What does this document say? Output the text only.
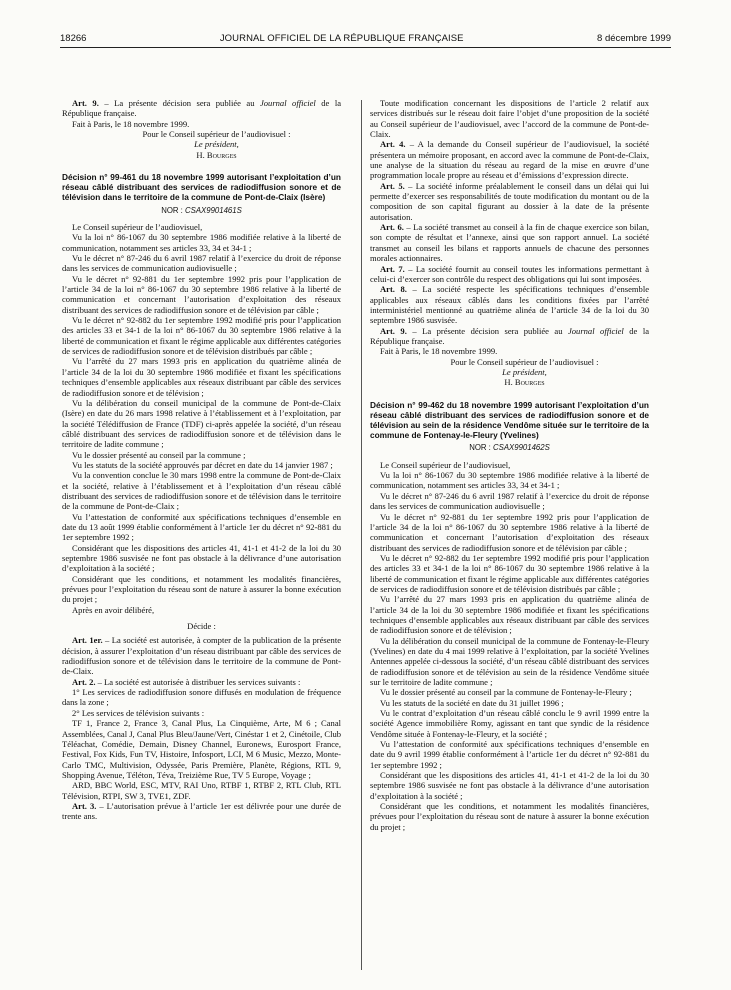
18266	JOURNAL OFFICIEL DE LA RÉPUBLIQUE FRANÇAISE	8 décembre 1999

Art. 9. – La présente décision sera publiée au Journal officiel de la République française.

Fait à Paris, le 18 novembre 1999.

Pour le Conseil supérieur de l’audiovisuel :

Le président,

H. Bourges

Décision n° 99-461 du 18 novembre 1999 autorisant l’exploitation d’un réseau câblé distribuant des services de radiodiffusion sonore et de télévision dans le territoire de la commune de Pont-de-Claix (Isère)

NOR : CSAX9901461S

Le Conseil supérieur de l’audiovisuel,

Vu la loi n° 86-1067 du 30 septembre 1986 modifiée relative à la liberté de communication, notamment ses articles 33, 34 et 34-1 ;

Vu le décret n° 87-246 du 6 avril 1987 relatif à l’exercice du droit de réponse dans les services de communication audiovisuelle ;

Vu le décret n° 92-881 du 1er septembre 1992 pris pour l’application de l’article 34 de la loi n° 86-1067 du 30 septembre 1986 relative à la liberté de communication et concernant l’autorisation d’exploitation des réseaux distribuant des services de radiodiffusion sonore et de télévision par câble ;

Vu le décret n° 92-882 du 1er septembre 1992 modifié pris pour l’application des articles 33 et 34-1 de la loi n° 86-1067 du 30 septembre 1986 relative à la liberté de communication et fixant le régime applicable aux différentes catégories de services de radiodiffusion sonore et de télévision distribués par câble ;

Vu l’arrêté du 27 mars 1993 pris en application du quatrième alinéa de l’article 34 de la loi du 30 septembre 1986 modifiée et fixant les spécifications techniques d’ensemble applicables aux réseaux distribuant par câble des services de radiodiffusion sonore et de télévision ;

Vu la délibération du conseil municipal de la commune de Pont-de-Claix (Isère) en date du 26 mars 1998 relative à l’établissement et à l’exploitation, par la société Télédiffusion de France (TDF) ci-après appelée la société, d’un réseau câblé distribuant des services de radiodiffusion sonore et de télévision dans le territoire de ladite commune ;

Vu le dossier présenté au conseil par la commune ;

Vu les statuts de la société approuvés par décret en date du 14 janvier 1987 ;

Vu la convention conclue le 30 mars 1998 entre la commune de Pont-de-Claix et la société, relative à l’établissement et à l’exploitation d’un réseau câblé distribuant des services de radiodiffusion sonore et de télévision dans le territoire de la commune de Pont-de-Claix ;

Vu l’attestation de conformité aux spécifications techniques d’ensemble en date du 13 août 1999 établie conformément à l’article 1er du décret n° 92-881 du 1er septembre 1992 ;

Considérant que les dispositions des articles 41, 41-1 et 41-2 de la loi du 30 septembre 1986 susvisée ne font pas obstacle à la délivrance d’une autorisation d’exploitation à la société ;

Considérant que les conditions, et notamment les modalités financières, prévues pour l’exploitation du réseau sont de nature à assurer la bonne exécution du projet ;

Après en avoir délibéré,

Décide :

Art. 1er. – La société est autorisée, à compter de la publication de la présente décision, à assurer l’exploitation d’un réseau distribuant par câble des services de radiodiffusion sonore et de télévision dans le territoire de la commune de Pont-de-Claix.

Art. 2. – La société est autorisée à distribuer les services suivants :

1° Les services de radiodiffusion sonore diffusés en modulation de fréquence dans la zone ;

2° Les services de télévision suivants :

TF 1, France 2, France 3, Canal Plus, La Cinquième, Arte, M 6 ; Canal Assemblées, Canal J, Canal Plus Bleu/Jaune/Vert, Cinéstar 1 et 2, Cinétoile, Club Téléachat, Comédie, Demain, Disney Channel, Euronews, Eurosport France, Festival, Fox Kids, Fun TV, Histoire, Infosport, LCI, M 6 Music, Mezzo, Monte-Carlo TMC, Multivision, Odyssée, Paris Première, Planète, Régions, RTL 9, Shopping Avenue, Téléton, Téva, Treizième Rue, TV 5 Europe, Voyage ;

ARD, BBC World, ESC, MTV, RAI Uno, RTBF 1, RTBF 2, RTL Club, RTL Télévision, RTPI, SW 3, TVE1, ZDF.

Art. 3. – L’autorisation prévue à l’article 1er est délivrée pour une durée de trente ans.

Toute modification concernant les dispositions de l’article 2 relatif aux services distribués sur le réseau doit faire l’objet d’une proposition de la société au Conseil supérieur de l’audiovisuel, avec l’accord de la commune de Pont-de-Claix.

Art. 4. – A la demande du Conseil supérieur de l’audiovisuel, la société présentera un mémoire proposant, en accord avec la commune de Pont-de-Claix, une analyse de la situation du réseau au regard de la mise en œuvre d’une programmation locale propre au réseau et d’émissions d’expression directe.

Art. 5. – La société informe préalablement le conseil dans un délai qui lui permette d’exercer ses responsabilités de toute modification du montant ou de la composition de son capital figurant au dossier à la date de la présente autorisation.

Art. 6. – La société transmet au conseil à la fin de chaque exercice son bilan, son compte de résultat et l’annexe, ainsi que son rapport annuel. La société transmet au conseil les bilans et rapports annuels de chacune des personnes morales actionnaires.

Art. 7. – La société fournit au conseil toutes les informations permettant à celui-ci d’exercer son contrôle du respect des obligations qui lui sont imposées.

Art. 8. – La société respecte les spécifications techniques d’ensemble applicables aux réseaux câblés dans les conditions fixées par l’arrêté interministériel mentionné au quatrième alinéa de l’article 34 de la loi du 30 septembre 1986 susvisée.

Art. 9. – La présente décision sera publiée au Journal officiel de la République française.

Fait à Paris, le 18 novembre 1999.

Pour le Conseil supérieur de l’audiovisuel :

Le président,

H. Bourges

Décision n° 99-462 du 18 novembre 1999 autorisant l’exploitation d’un réseau câblé distribuant des services de radiodiffusion sonore et de télévision au sein de la résidence Vendôme située sur le territoire de la commune de Fontenay-le-Fleury (Yvelines)

NOR : CSAX9901462S

Le Conseil supérieur de l’audiovisuel,

Vu la loi n° 86-1067 du 30 septembre 1986 modifiée relative à la liberté de communication, notamment ses articles 33, 34 et 34-1 ;

Vu le décret n° 87-246 du 6 avril 1987 relatif à l’exercice du droit de réponse dans les services de communication audiovisuelle ;

Vu le décret n° 92-881 du 1er septembre 1992 pris pour l’application de l’article 34 de la loi n° 86-1067 du 30 septembre 1986 relative à la liberté de communication et concernant l’autorisation d’exploitation des réseaux distribuant des services de radiodiffusion sonore et de télévision par câble ;

Vu le décret n° 92-882 du 1er septembre 1992 modifié pris pour l’application des articles 33 et 34-1 de la loi n° 86-1067 du 30 septembre 1986 relative à la liberté de communication et fixant le régime applicable aux différentes catégories de services de radiodiffusion sonore et de télévision distribués par câble ;

Vu l’arrêté du 27 mars 1993 pris en application du quatrième alinéa de l’article 34 de la loi du 30 septembre 1986 modifiée et fixant les spécifications techniques d’ensemble applicables aux réseaux distribuant par câble des services de radiodiffusion sonore et de télévision ;

Vu la délibération du conseil municipal de la commune de Fontenay-le-Fleury (Yvelines) en date du 4 mai 1999 relative à l’exploitation, par la société Yvelines Antennes appelée ci-dessous la société, d’un réseau câblé distribuant des services de radiodiffusion sonore et de télévision au sein de la résidence Vendôme située sur le territoire de ladite commune ;

Vu le dossier présenté au conseil par la commune de Fontenay-le-Fleury ;

Vu les statuts de la société en date du 31 juillet 1996 ;

Vu le contrat d’exploitation d’un réseau câblé conclu le 9 avril 1999 entre la société Agence immobilière Romy, agissant en tant que syndic de la résidence Vendôme située à Fontenay-le-Fleury, et la société ;

Vu l’attestation de conformité aux spécifications techniques d’ensemble en date du 9 avril 1999 établie conformément à l’article 1er du décret n° 92-881 du 1er septembre 1992 ;

Considérant que les dispositions des articles 41, 41-1 et 41-2 de la loi du 30 septembre 1986 susvisée ne font pas obstacle à la délivrance d’une autorisation d’exploitation à la société ;

Considérant que les conditions, et notamment les modalités financières, prévues pour l’exploitation du réseau sont de nature à assurer la bonne exécution du projet ;
